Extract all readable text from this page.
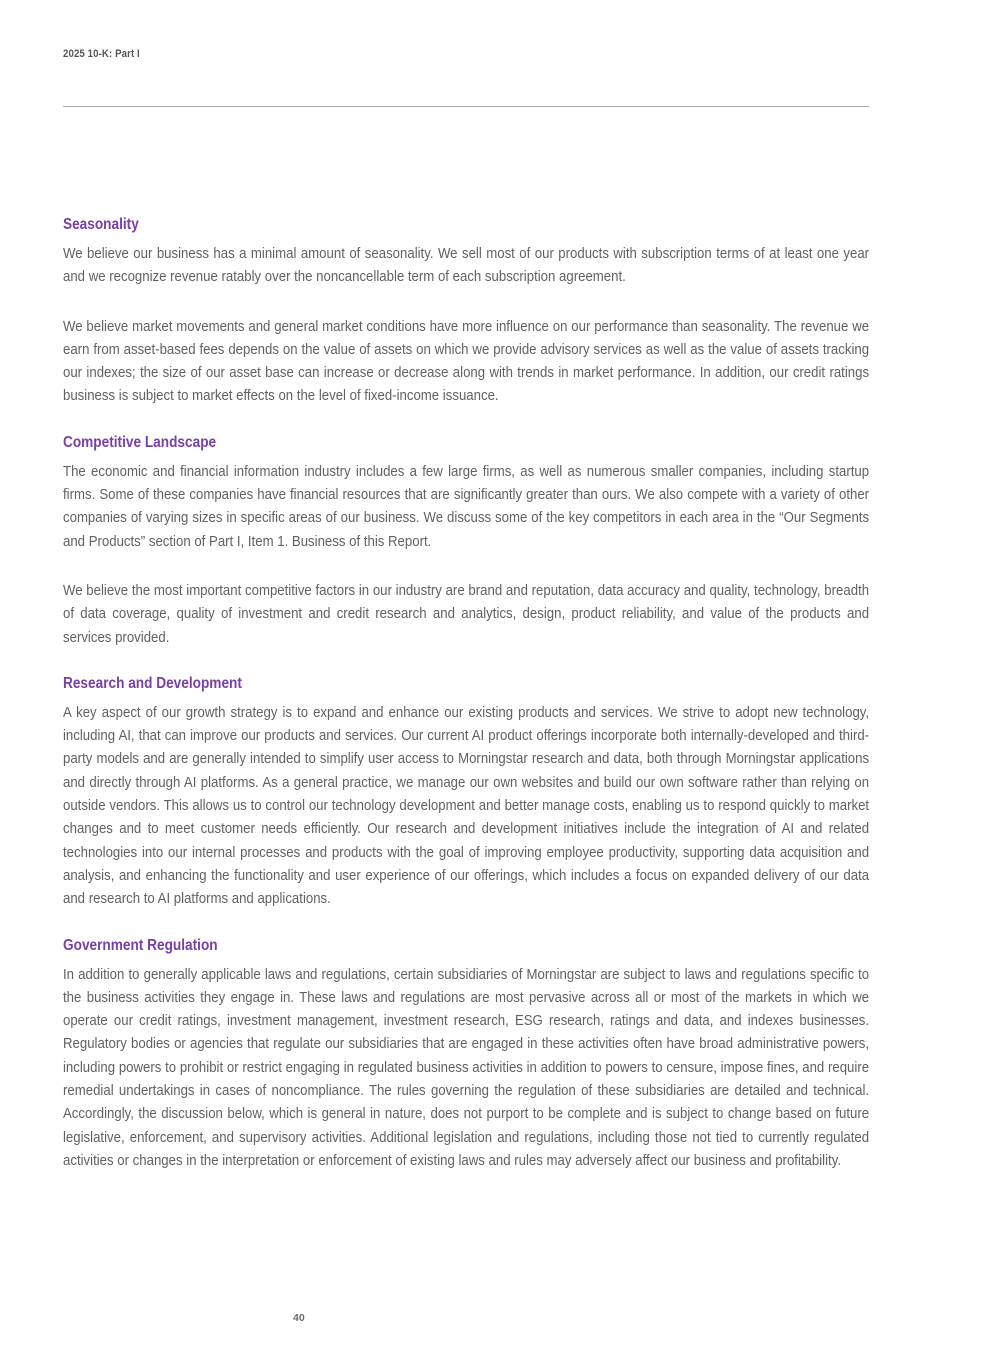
2025 10-K: Part I
Seasonality

We believe our business has a minimal amount of seasonality. We sell most of our products with subscription terms of at least one year and we recognize revenue ratably over the noncancellable term of each subscription agreement.

We believe market movements and general market conditions have more influence on our performance than seasonality. The revenue we earn from asset-based fees depends on the value of assets on which we provide advisory services as well as the value of assets tracking our indexes; the size of our asset base can increase or decrease along with trends in market performance. In addition, our credit ratings business is subject to market effects on the level of fixed-income issuance.

Competitive Landscape

The economic and financial information industry includes a few large firms, as well as numerous smaller companies, including startup firms. Some of these companies have financial resources that are significantly greater than ours. We also compete with a variety of other companies of varying sizes in specific areas of our business. We discuss some of the key competitors in each area in the “Our Segments and Products” section of Part I, Item 1. Business of this Report.

We believe the most important competitive factors in our industry are brand and reputation, data accuracy and quality, technology, breadth of data coverage, quality of investment and credit research and analytics, design, product reliability, and value of the products and services provided.

Research and Development

A key aspect of our growth strategy is to expand and enhance our existing products and services. We strive to adopt new technology, including AI, that can improve our products and services. Our current AI product offerings incorporate both internally-developed and third-party models and are generally intended to simplify user access to Morningstar research and data, both through Morningstar applications and directly through AI platforms. As a general practice, we manage our own websites and build our own software rather than relying on outside vendors. This allows us to control our technology development and better manage costs, enabling us to respond quickly to market changes and to meet customer needs efficiently. Our research and development initiatives include the integration of AI and related technologies into our internal processes and products with the goal of improving employee productivity, supporting data acquisition and analysis, and enhancing the functionality and user experience of our offerings, which includes a focus on expanded delivery of our data and research to AI platforms and applications.

Government Regulation

In addition to generally applicable laws and regulations, certain subsidiaries of Morningstar are subject to laws and regulations specific to the business activities they engage in. These laws and regulations are most pervasive across all or most of the markets in which we operate our credit ratings, investment management, investment research, ESG research, ratings and data, and indexes businesses. Regulatory bodies or agencies that regulate our subsidiaries that are engaged in these activities often have broad administrative powers, including powers to prohibit or restrict engaging in regulated business activities in addition to powers to censure, impose fines, and require remedial undertakings in cases of noncompliance. The rules governing the regulation of these subsidiaries are detailed and technical. Accordingly, the discussion below, which is general in nature, does not purport to be complete and is subject to change based on future legislative, enforcement, and supervisory activities. Additional legislation and regulations, including those not tied to currently regulated activities or changes in the interpretation or enforcement of existing laws and rules may adversely affect our business and profitability.

40
